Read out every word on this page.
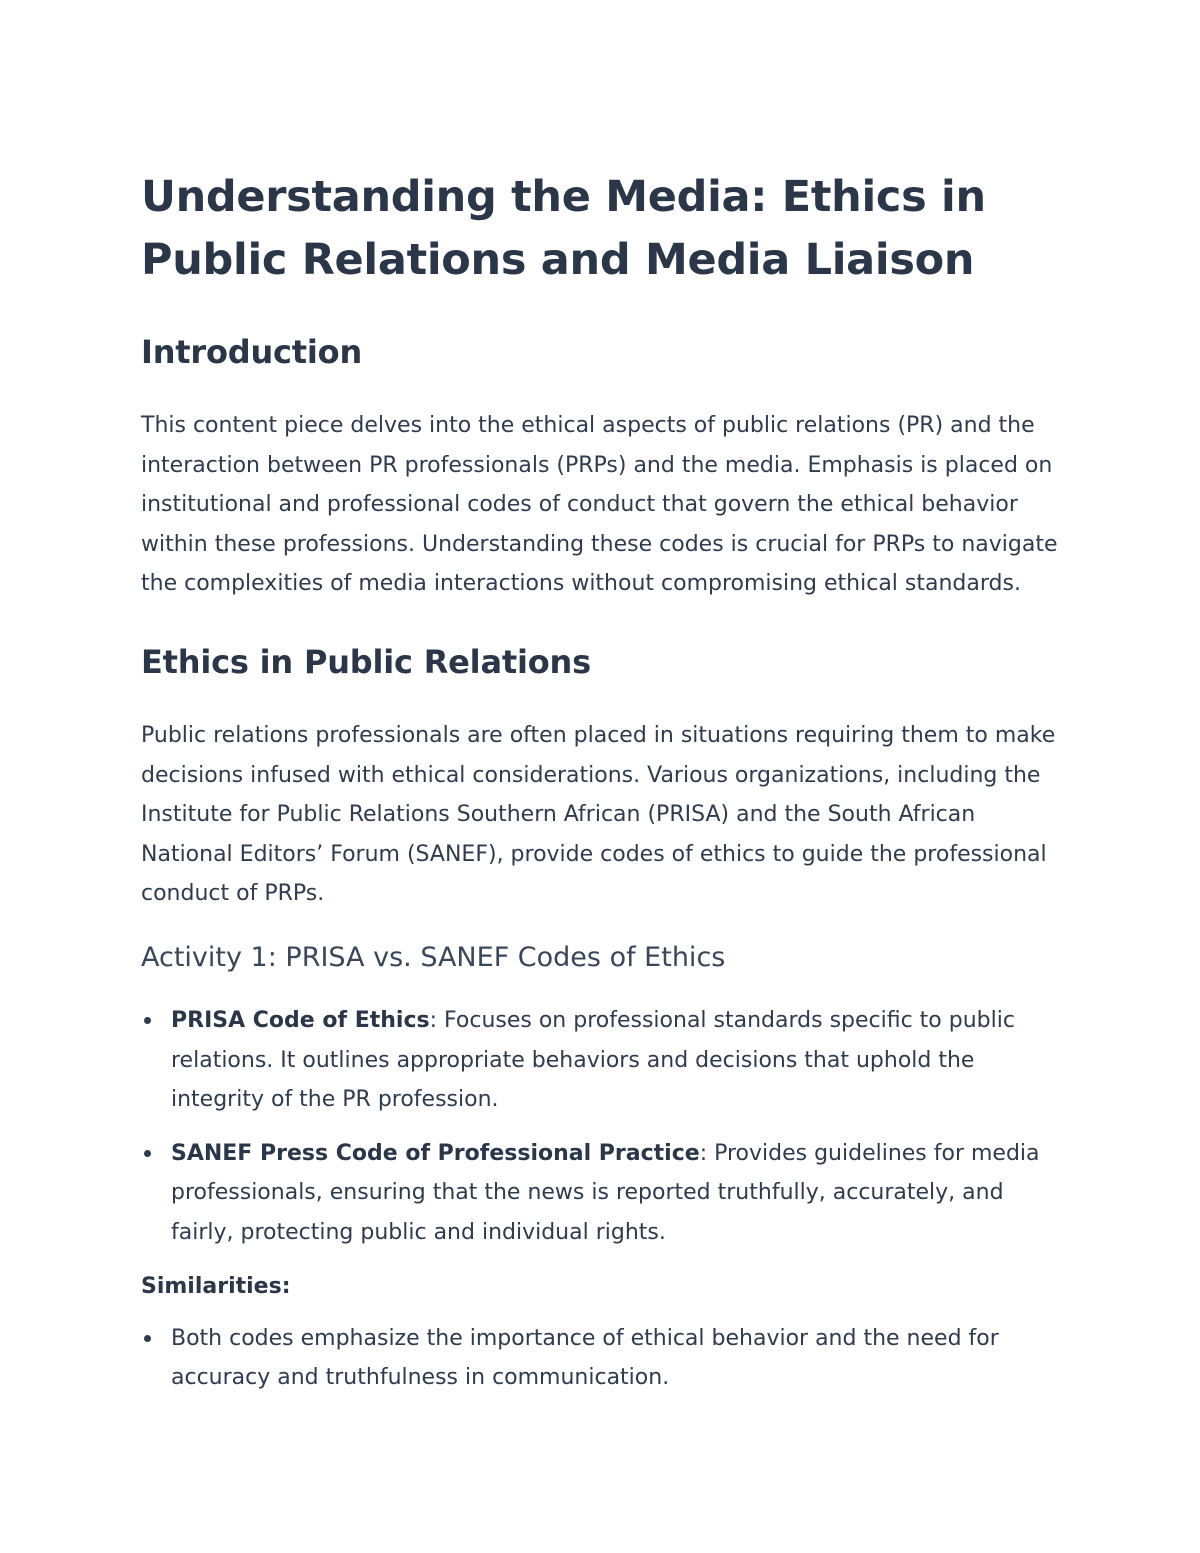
Understanding the Media: Ethics in Public Relations and Media Liaison
Introduction

This content piece delves into the ethical aspects of public relations (PR) and the interaction between PR professionals (PRPs) and the media. Emphasis is placed on institutional and professional codes of conduct that govern the ethical behavior within these professions. Understanding these codes is crucial for PRPs to navigate the complexities of media interactions without compromising ethical standards.

Ethics in Public Relations

Public relations professionals are often placed in situations requiring them to make decisions infused with ethical considerations. Various organizations, including the Institute for Public Relations Southern African (PRISA) and the South African National Editors’ Forum (SANEF), provide codes of ethics to guide the professional conduct of PRPs.

Activity 1: PRISA vs. SANEF Codes of Ethics
PRISA Code of Ethics: Focuses on professional standards specific to public relations. It outlines appropriate behaviors and decisions that uphold the integrity of the PR profession.
SANEF Press Code of Professional Practice: Provides guidelines for media professionals, ensuring that the news is reported truthfully, accurately, and fairly, protecting public and individual rights.
Similarities:
Both codes emphasize the importance of ethical behavior and the need for accuracy and truthfulness in communication.
